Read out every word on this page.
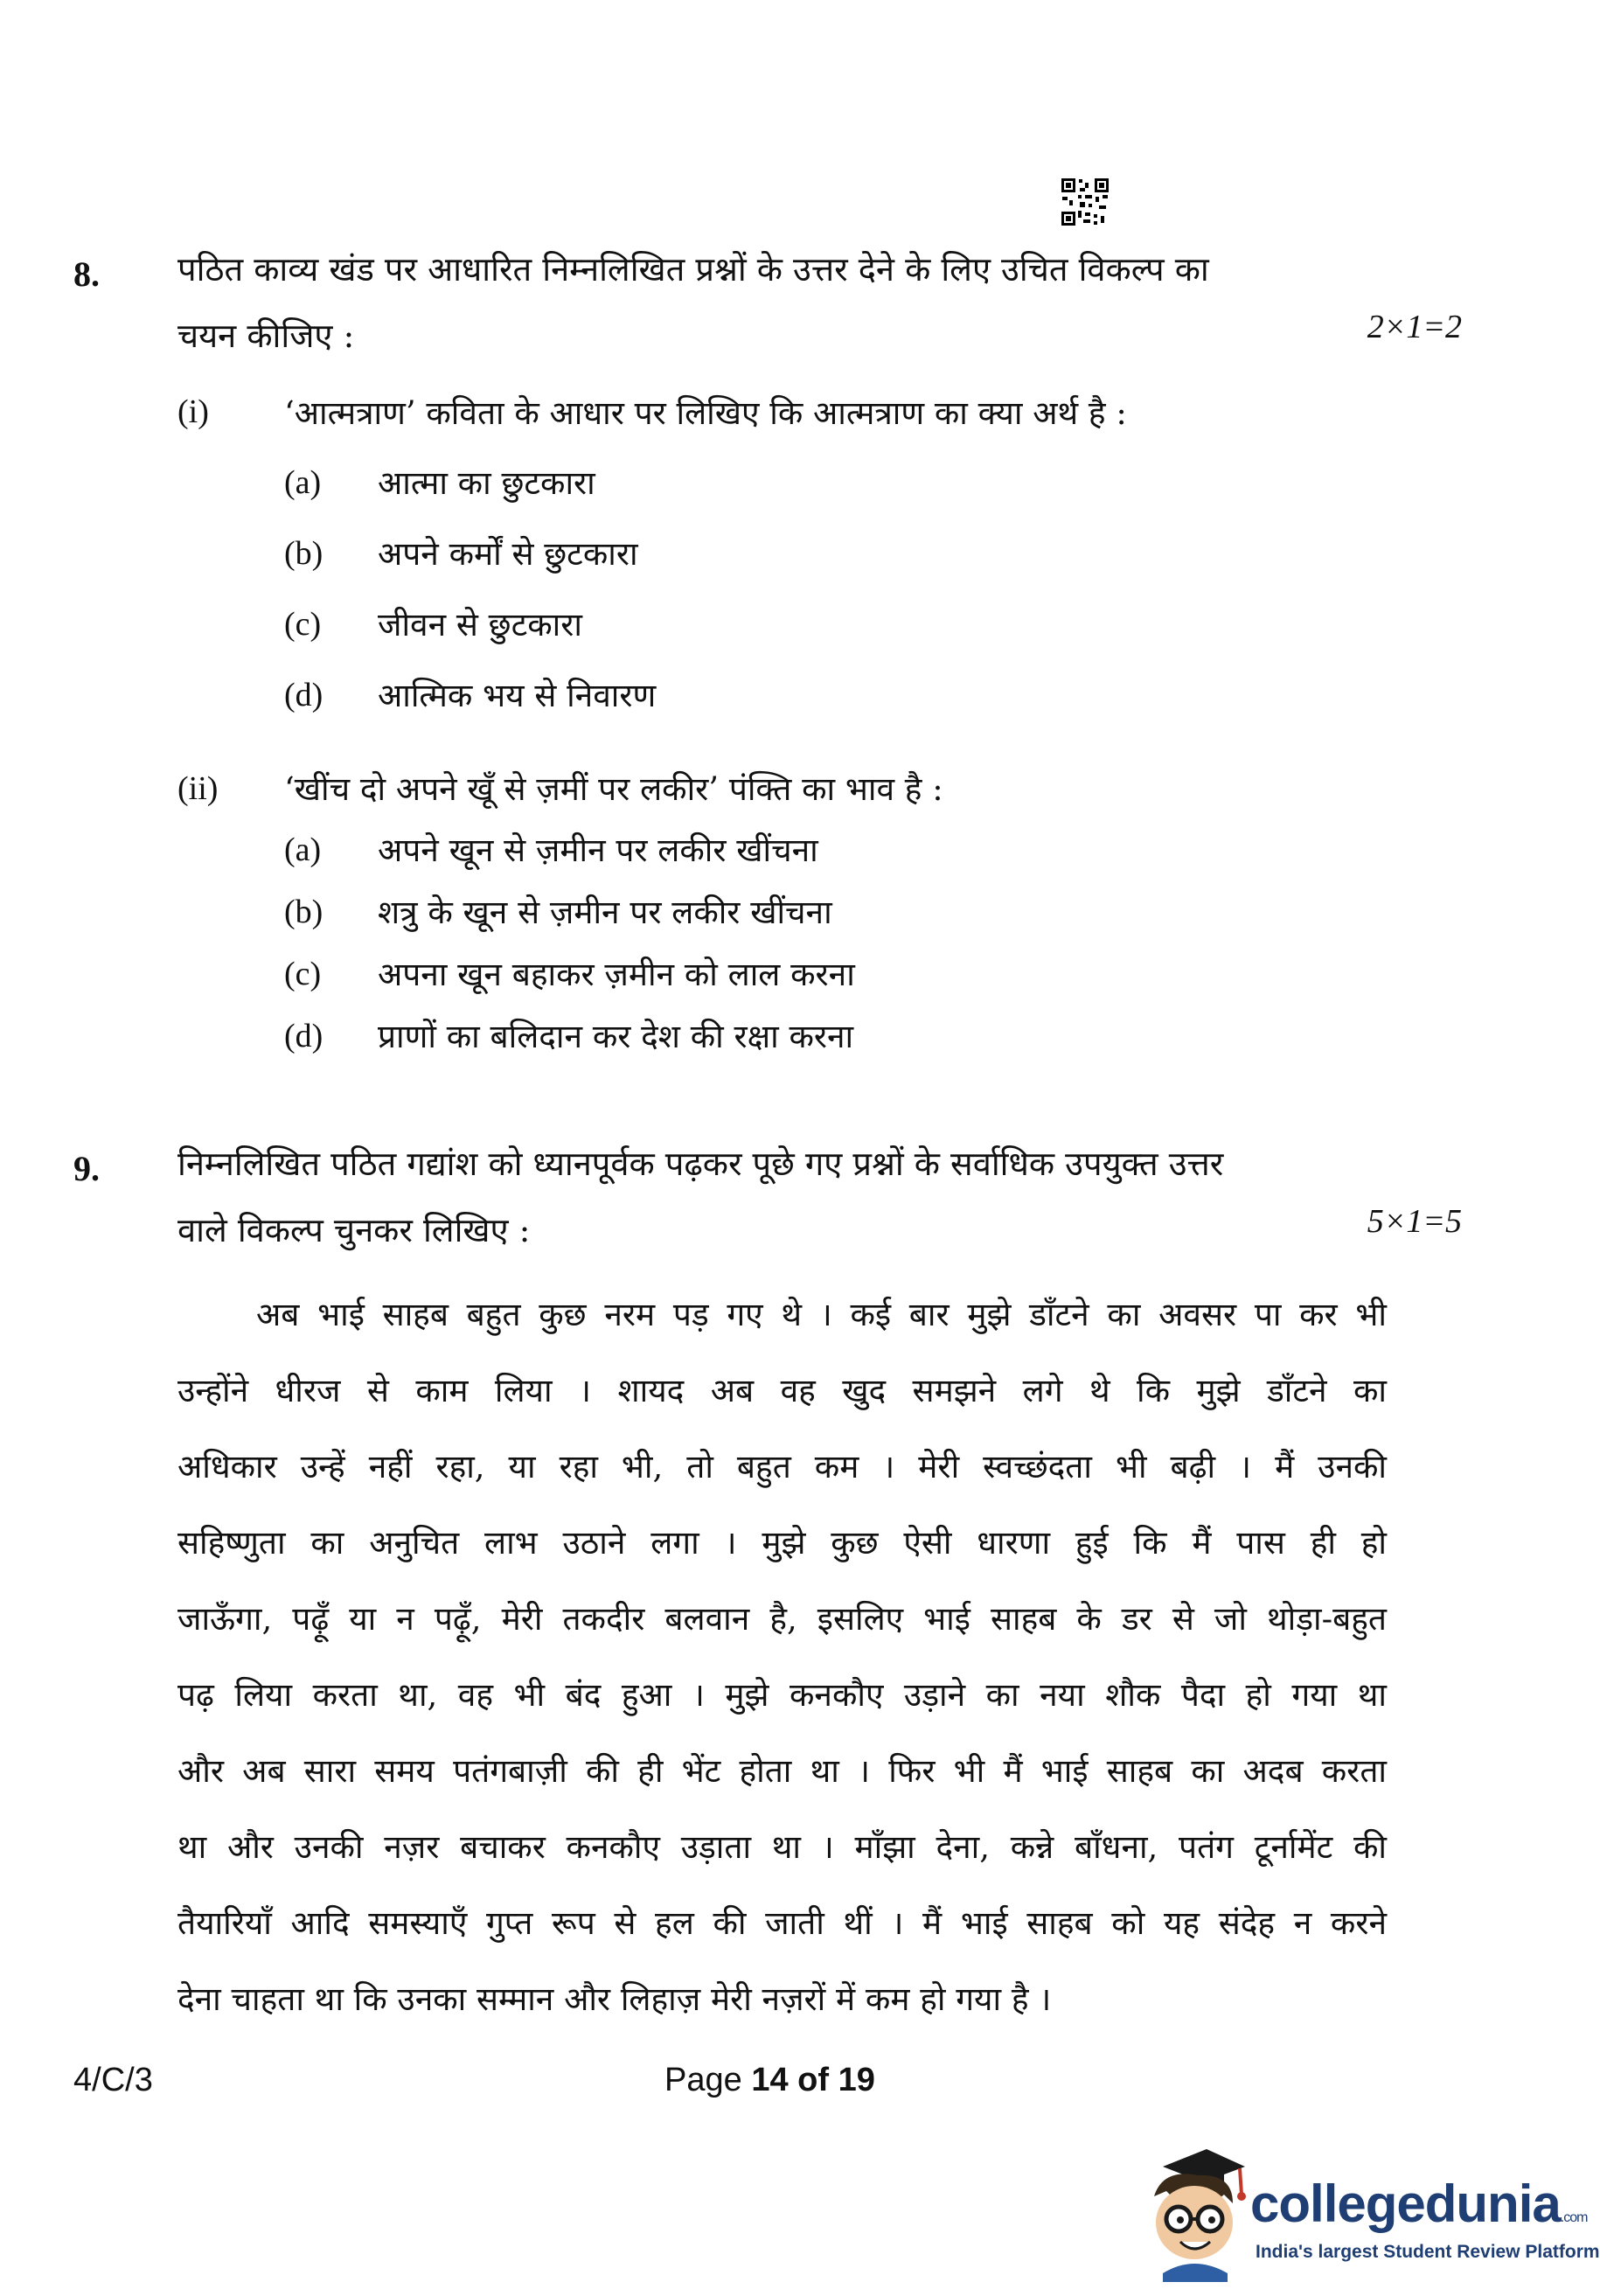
8. पठित काव्य खंड पर आधारित निम्नलिखित प्रश्नों के उत्तर देने के लिए उचित विकल्प का
चयन कीजिए :	2×1=2
(i) ‘आत्मत्राण’ कविता के आधार पर लिखिए कि आत्मत्राण का क्या अर्थ है :
(a) आत्मा का छुटकारा
(b) अपने कर्मों से छुटकारा
(c) जीवन से छुटकारा
(d) आत्मिक भय से निवारण
(ii) ‘खींच दो अपने खूँ से ज़मीं पर लकीर’ पंक्ति का भाव है :
(a) अपने खून से ज़मीन पर लकीर खींचना
(b) शत्रु के खून से ज़मीन पर लकीर खींचना
(c) अपना खून बहाकर ज़मीन को लाल करना
(d) प्राणों का बलिदान कर देश की रक्षा करना
9. निम्नलिखित पठित गद्यांश को ध्यानपूर्वक पढ़कर पूछे गए प्रश्नों के सर्वाधिक उपयुक्त उत्तर
वाले विकल्प चुनकर लिखिए :	5×1=5
अब भाई साहब बहुत कुछ नरम पड़ गए थे । कई बार मुझे डाँटने का अवसर पा कर भी
उन्होंने धीरज से काम लिया । शायद अब वह खुद समझने लगे थे कि मुझे डाँटने का
अधिकार उन्हें नहीं रहा, या रहा भी, तो बहुत कम । मेरी स्वच्छंदता भी बढ़ी । मैं उनकी
सहिष्णुता का अनुचित लाभ उठाने लगा । मुझे कुछ ऐसी धारणा हुई कि मैं पास ही हो
जाऊँगा, पढ़ूँ या न पढ़ूँ, मेरी तकदीर बलवान है, इसलिए भाई साहब के डर से जो थोड़ा-बहुत
पढ़ लिया करता था, वह भी बंद हुआ । मुझे कनकौए उड़ाने का नया शौक पैदा हो गया था
और अब सारा समय पतंगबाज़ी की ही भेंट होता था । फिर भी मैं भाई साहब का अदब करता
था और उनकी नज़र बचाकर कनकौए उड़ाता था । माँझा देना, कन्ने बाँधना, पतंग टूर्नामेंट की
तैयारियाँ आदि समस्याएँ गुप्त रूप से हल की जाती थीं । मैं भाई साहब को यह संदेह न करने
देना चाहता था कि उनका सम्मान और लिहाज़ मेरी नज़रों में कम हो गया है ।
4/C/3	Page 14 of 19
collegedunia.com
India's largest Student Review Platform
